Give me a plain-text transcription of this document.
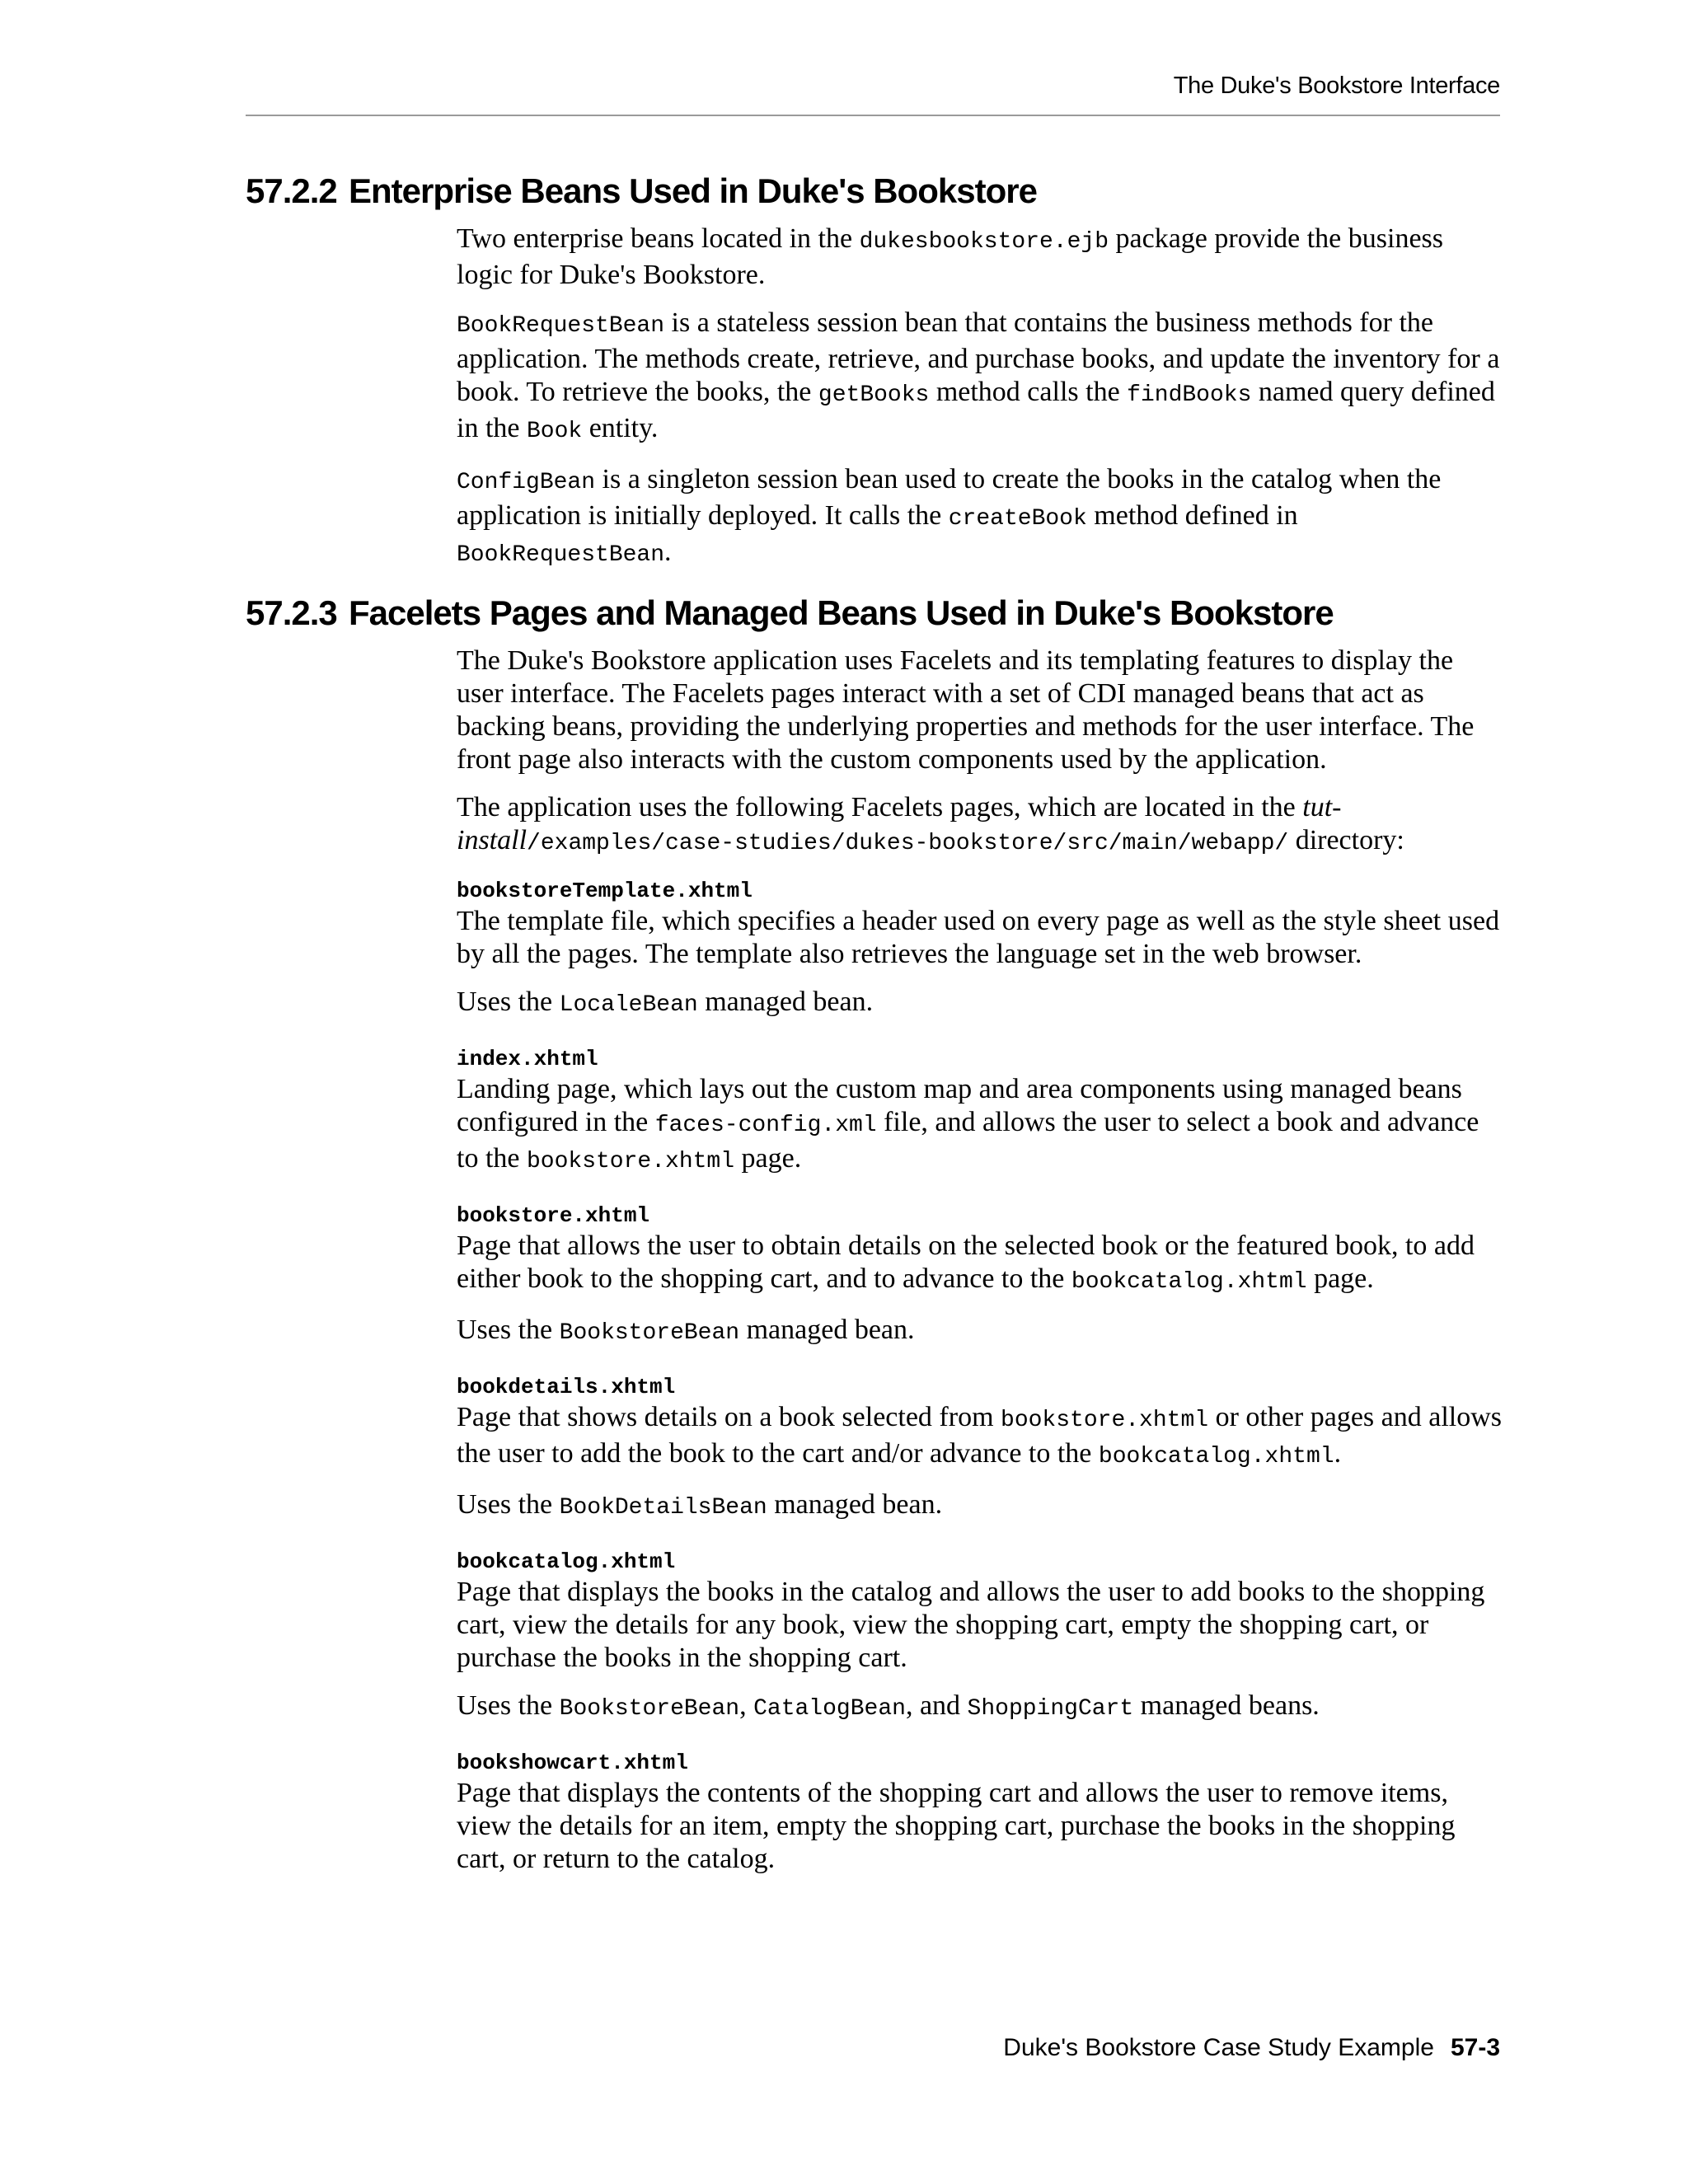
The Duke's Bookstore Interface
57.2.2 Enterprise Beans Used in Duke's Bookstore

Two enterprise beans located in the dukesbookstore.ejb package provide the business logic for Duke's Bookstore.

BookRequestBean is a stateless session bean that contains the business methods for the application. The methods create, retrieve, and purchase books, and update the inventory for a book. To retrieve the books, the getBooks method calls the findBooks named query defined in the Book entity.

ConfigBean is a singleton session bean used to create the books in the catalog when the application is initially deployed. It calls the createBook method defined in BookRequestBean.

57.2.3 Facelets Pages and Managed Beans Used in Duke's Bookstore

The Duke's Bookstore application uses Facelets and its templating features to display the user interface. The Facelets pages interact with a set of CDI managed beans that act as backing beans, providing the underlying properties and methods for the user interface. The front page also interacts with the custom components used by the application.

The application uses the following Facelets pages, which are located in the tut-install/examples/case-studies/dukes-bookstore/src/main/webapp/ directory:

bookstoreTemplate.xhtml

The template file, which specifies a header used on every page as well as the style sheet used by all the pages. The template also retrieves the language set in the web browser.

Uses the LocaleBean managed bean.

index.xhtml

Landing page, which lays out the custom map and area components using managed beans configured in the faces-config.xml file, and allows the user to select a book and advance to the bookstore.xhtml page.

bookstore.xhtml

Page that allows the user to obtain details on the selected book or the featured book, to add either book to the shopping cart, and to advance to the bookcatalog.xhtml page.

Uses the BookstoreBean managed bean.

bookdetails.xhtml

Page that shows details on a book selected from bookstore.xhtml or other pages and allows the user to add the book to the cart and/or advance to the bookcatalog.xhtml.

Uses the BookDetailsBean managed bean.

bookcatalog.xhtml

Page that displays the books in the catalog and allows the user to add books to the shopping cart, view the details for any book, view the shopping cart, empty the shopping cart, or purchase the books in the shopping cart.

Uses the BookstoreBean, CatalogBean, and ShoppingCart managed beans.

bookshowcart.xhtml

Page that displays the contents of the shopping cart and allows the user to remove items, view the details for an item, empty the shopping cart, purchase the books in the shopping cart, or return to the catalog.

Duke's Bookstore Case Study Example 57-3
